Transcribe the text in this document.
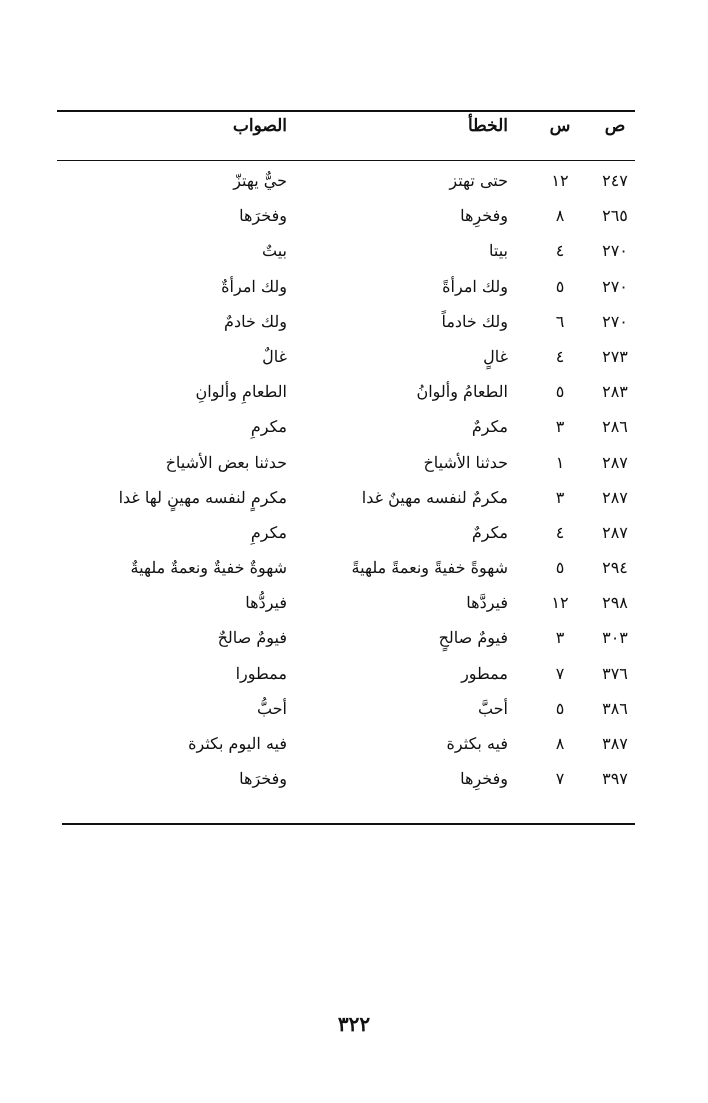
ص
س
الخطأ
الصواب
٢٤٧
١٢
حتى تهتز
حيٌّ يهتزّ
٢٦٥
٨
وفخرِها
وفخرَها
٢٧٠
٤
بيتا
بيتٌ
٢٧٠
٥
ولك امرأةً
ولك امرأةٌ
٢٧٠
٦
ولك خادماً
ولك خادمٌ
٢٧٣
٤
غالٍ
غالٌ
٢٨٣
٥
الطعامُ وألوانُ
الطعامِ وألوانِ
٢٨٦
٣
مكرمٌ
مكرمِ
٢٨٧
١
حدثنا الأشياخ
حدثنا بعض الأشياخ
٢٨٧
٣
مكرمٌ لنفسه مهينٌ غدا
مكرمٍ لنفسه مهينٍ لها غدا
٢٨٧
٤
مكرمٌ
مكرمِ
٢٩٤
٥
شهوةً خفيةً ونعمةً ملهيةً
شهوةٌ خفيةٌ ونعمةٌ ملهيةٌ
٢٩٨
١٢
فيردَّها
فيردُّها
٣٠٣
٣
فيومٌ صالحٍ
فيومٌ صالحٌ
٣٧٦
٧
ممطور
ممطورا
٣٨٦
٥
أحبَّ
أحبُّ
٣٨٧
٨
فيه بكثرة
فيه اليوم بكثرة
٣٩٧
٧
وفخرِها
وفخرَها
٣٢٢
